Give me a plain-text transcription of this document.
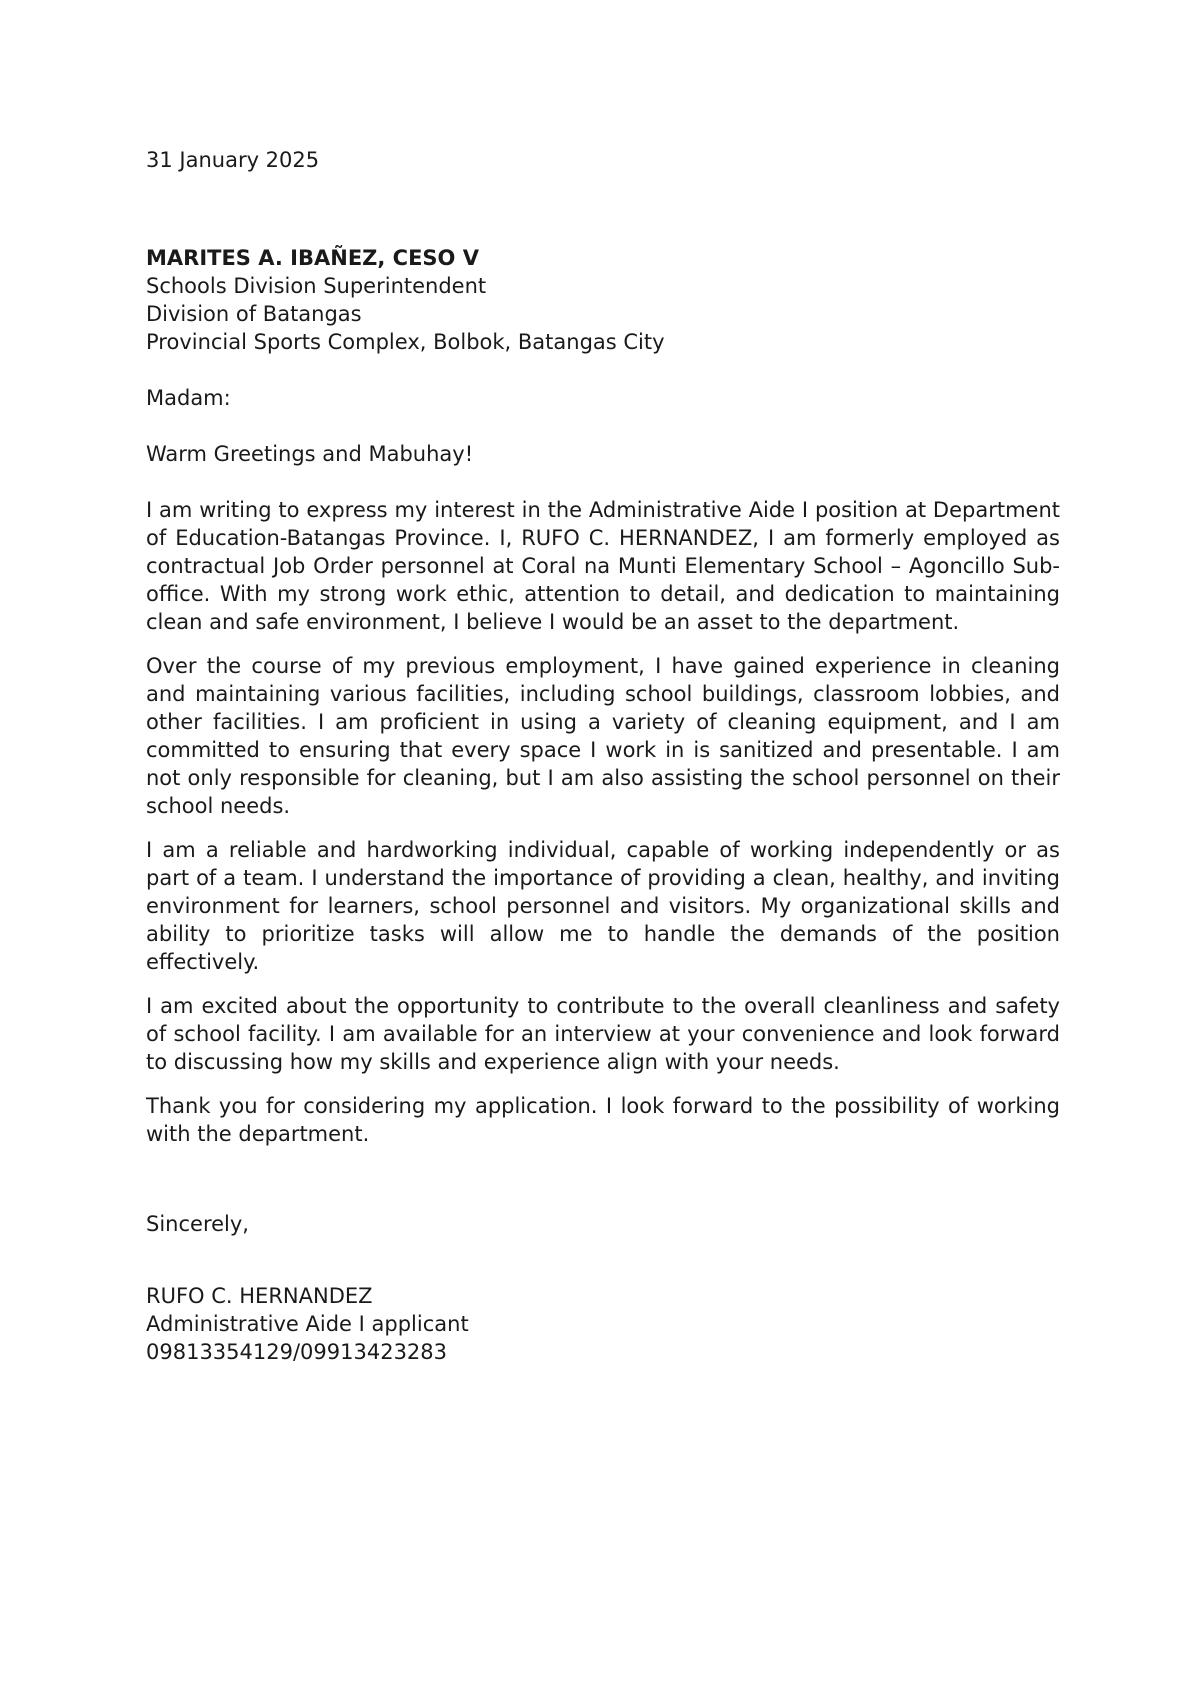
31 January 2025

MARITES A. IBAÑEZ, CESO V

Schools Division Superintendent

Division of Batangas

Provincial Sports Complex, Bolbok, Batangas City

Madam:

Warm Greetings and Mabuhay!

I am writing to express my interest in the Administrative Aide I position at Department of Education-Batangas Province. I, RUFO C. HERNANDEZ, I am formerly employed as contractual Job Order personnel at Coral na Munti Elementary School – Agoncillo Sub-office. With my strong work ethic, attention to detail, and dedication to maintaining clean and safe environment, I believe I would be an asset to the department.

Over the course of my previous employment, I have gained experience in cleaning and maintaining various facilities, including school buildings, classroom lobbies, and other facilities. I am proficient in using a variety of cleaning equipment, and I am committed to ensuring that every space I work in is sanitized and presentable. I am not only responsible for cleaning, but I am also assisting the school personnel on their school needs.

I am a reliable and hardworking individual, capable of working independently or as part of a team. I understand the importance of providing a clean, healthy, and inviting environment for learners, school personnel and visitors. My organizational skills and ability to prioritize tasks will allow me to handle the demands of the position effectively.

I am excited about the opportunity to contribute to the overall cleanliness and safety of school facility. I am available for an interview at your convenience and look forward to discussing how my skills and experience align with your needs.

Thank you for considering my application. I look forward to the possibility of working with the department.

Sincerely,

RUFO C. HERNANDEZ

Administrative Aide I applicant

09813354129/09913423283
